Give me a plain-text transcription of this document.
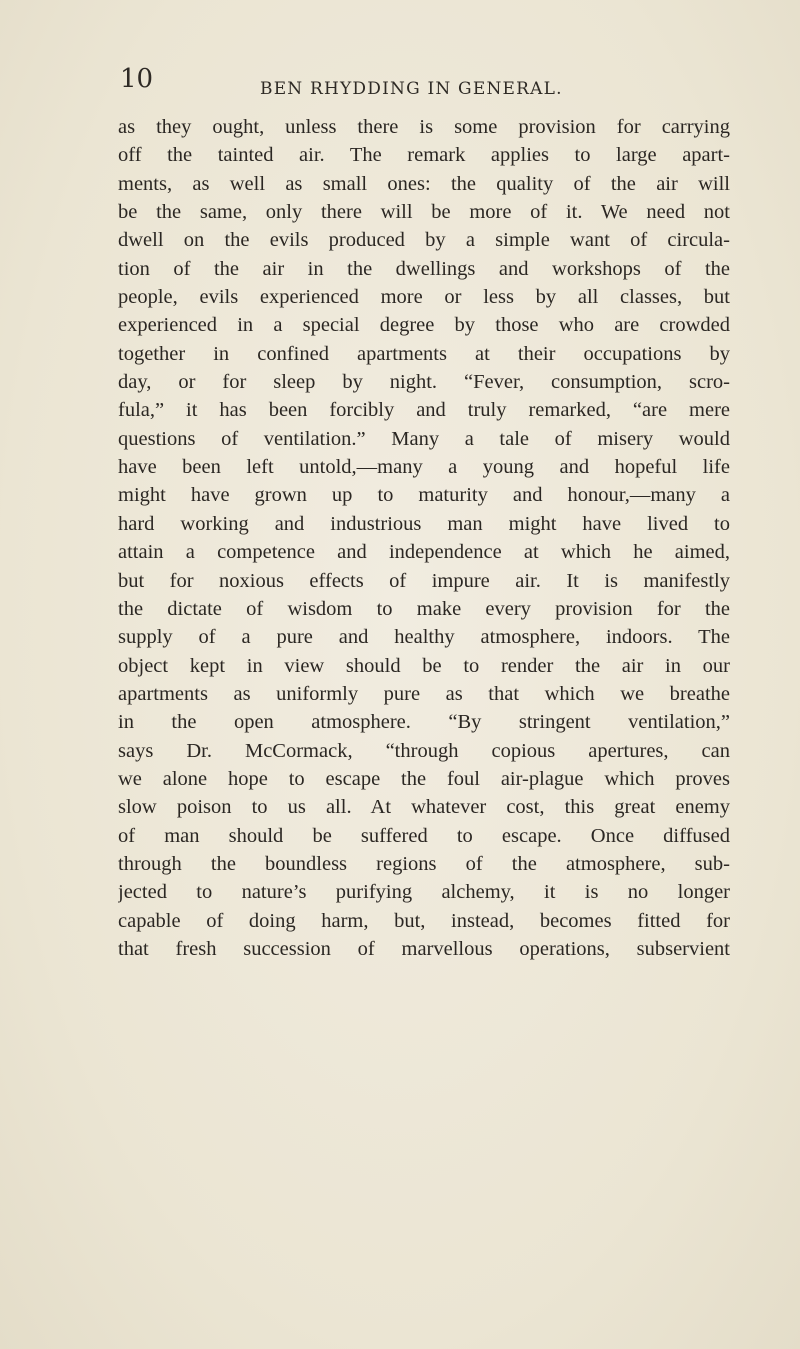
10	BEN RHYDDING IN GENERAL.
as they ought, unless there is some provision for carrying
off the tainted air. The remark applies to large apart-
ments, as well as small ones: the quality of the air will
be the same, only there will be more of it. We need not
dwell on the evils produced by a simple want of circula-
tion of the air in the dwellings and workshops of the
people, evils experienced more or less by all classes, but
experienced in a special degree by those who are crowded
together in confined apartments at their occupations by
day, or for sleep by night. “Fever, consumption, scro-
fula,” it has been forcibly and truly remarked, “are mere
questions of ventilation.” Many a tale of misery would
have been left untold,—many a young and hopeful life
might have grown up to maturity and honour,—many a
hard working and industrious man might have lived to
attain a competence and independence at which he aimed,
but for noxious effects of impure air. It is manifestly
the dictate of wisdom to make every provision for the
supply of a pure and healthy atmosphere, indoors. The
object kept in view should be to render the air in our
apartments as uniformly pure as that which we breathe
in the open atmosphere. “By stringent ventilation,”
says Dr. McCormack, “through copious apertures, can
we alone hope to escape the foul air-plague which proves
slow poison to us all. At whatever cost, this great enemy
of man should be suffered to escape. Once diffused
through the boundless regions of the atmosphere, sub-
jected to nature’s purifying alchemy, it is no longer
capable of doing harm, but, instead, becomes fitted for
that fresh succession of marvellous operations, subservient
